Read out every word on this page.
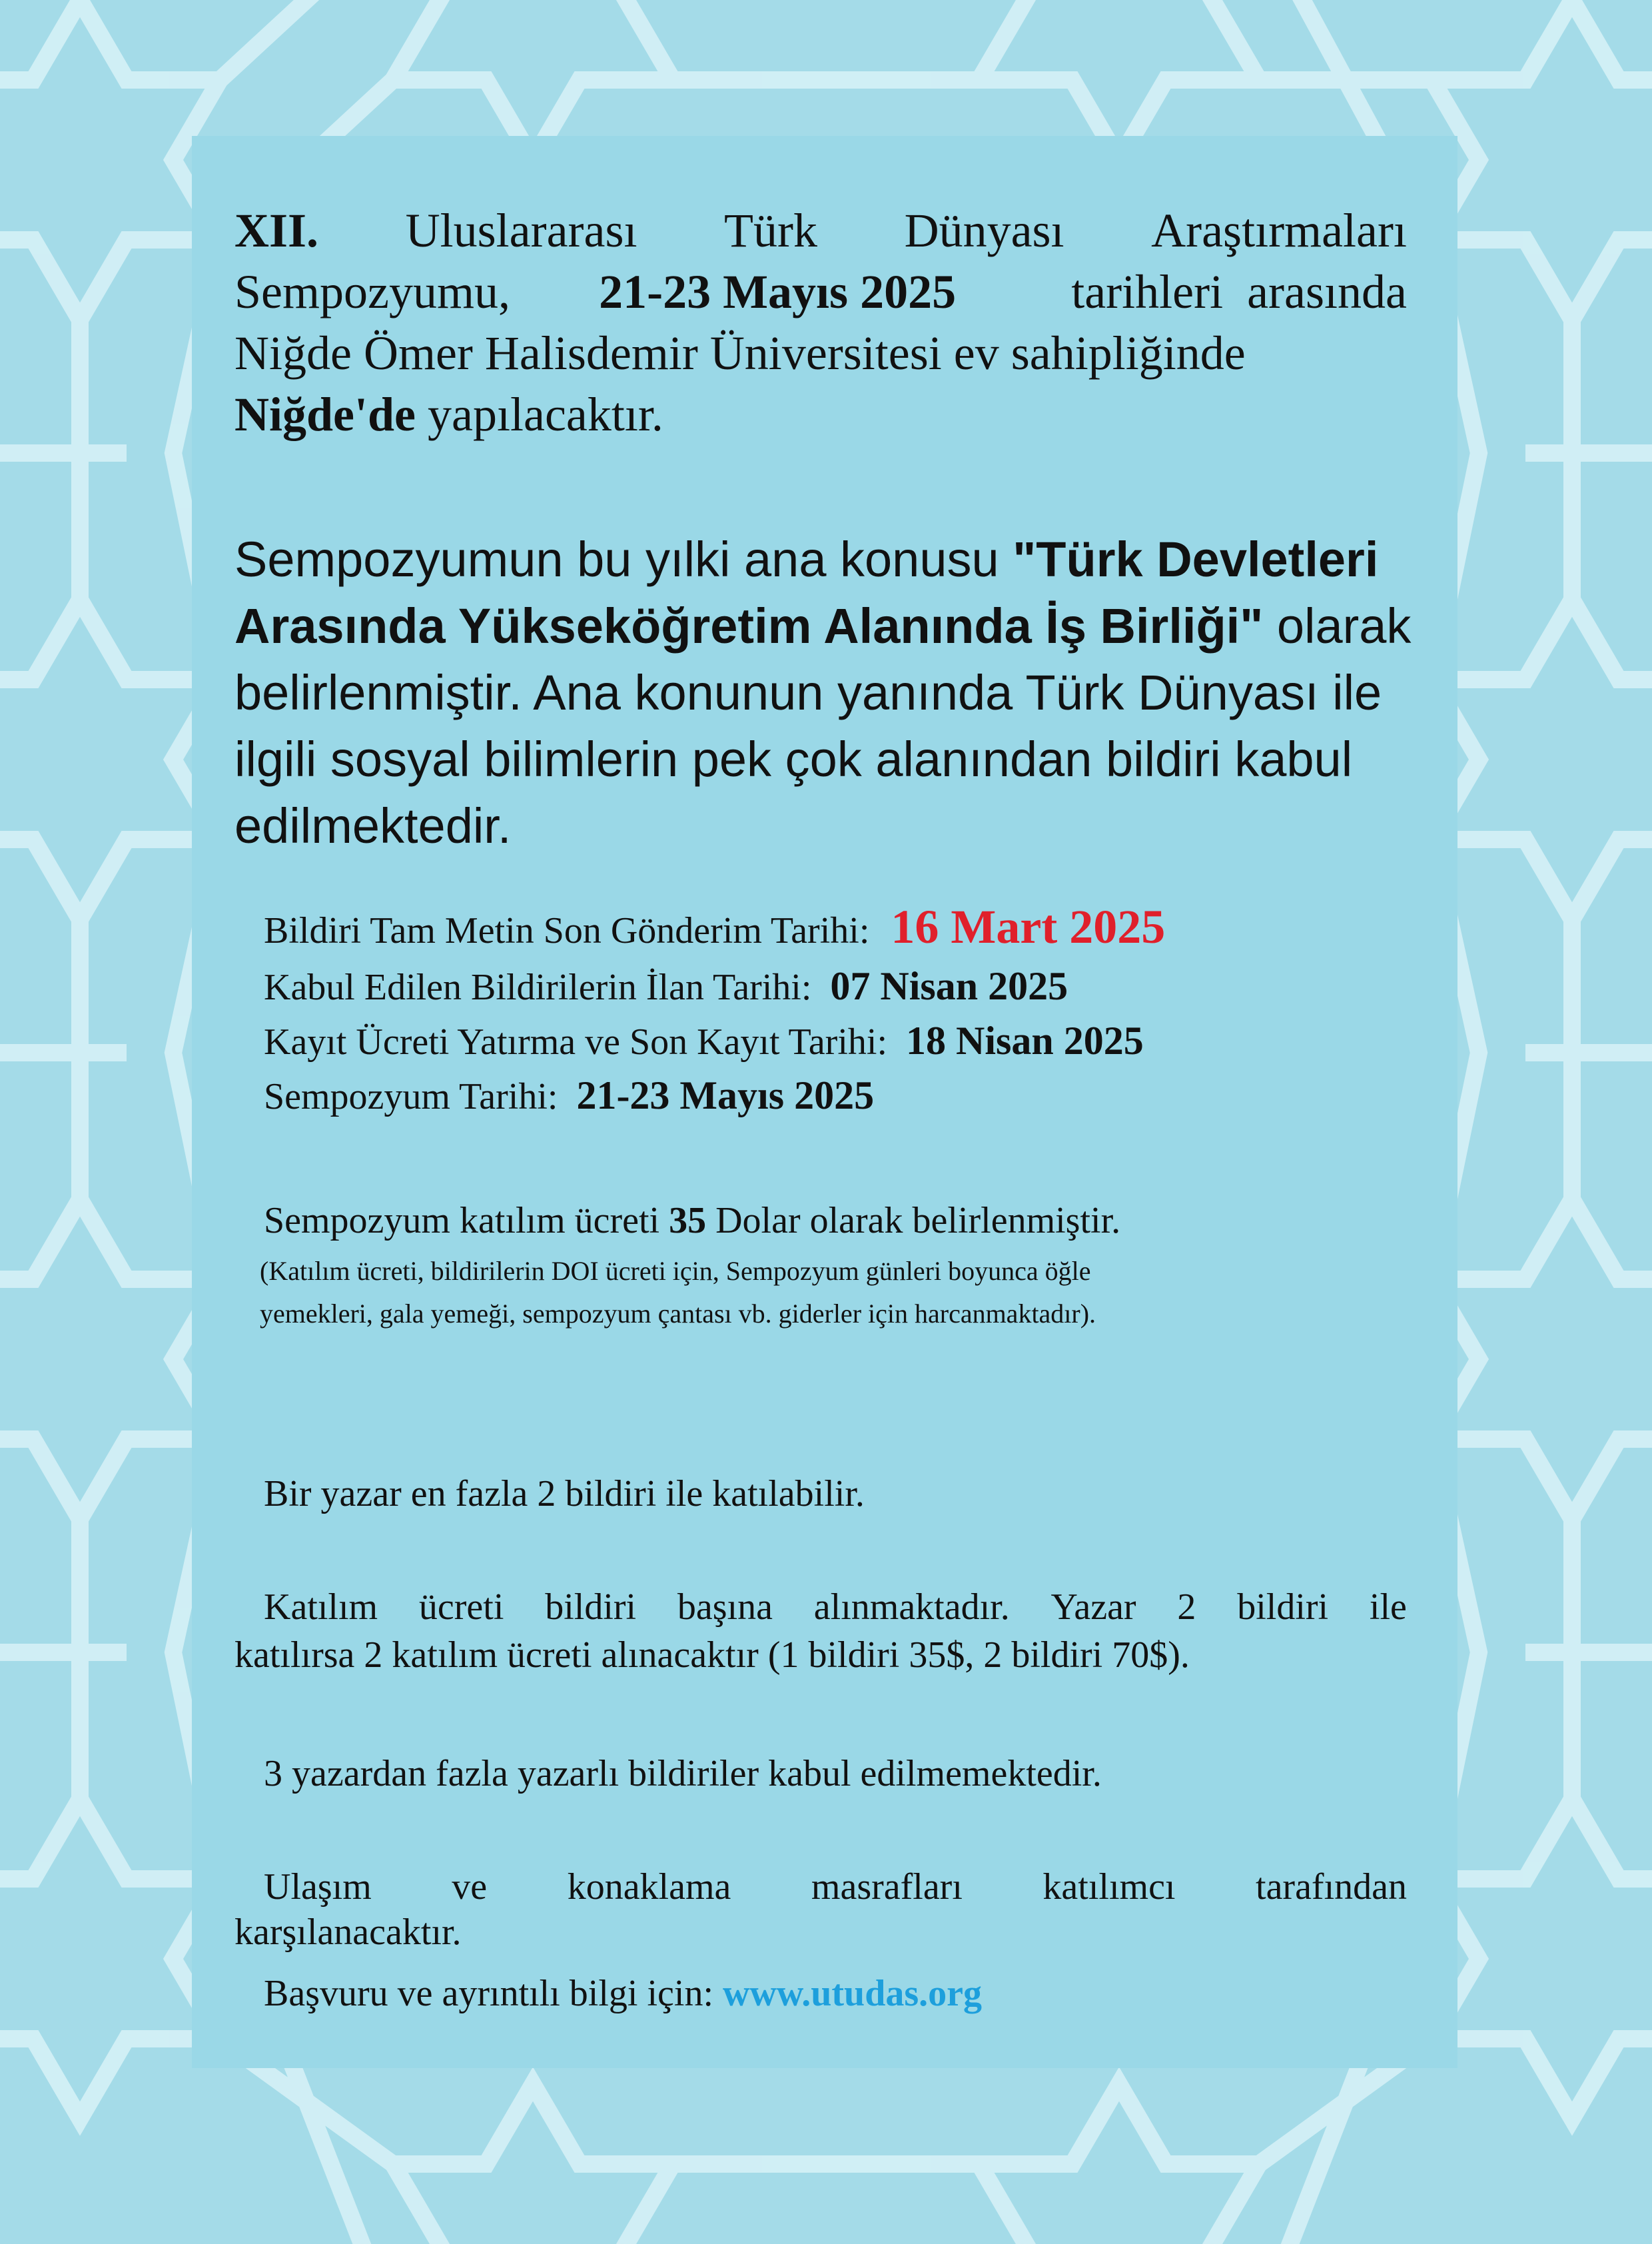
XII. Uluslararası Türk Dünyası Araştırmaları
Sempozyumu, 21-23 Mayıs 2025 tarihleri  arasında
Niğde Ömer Halisdemir Üniversitesi ev sahipliğinde
Niğde'de yapılacaktır.
Sempozyumun bu yılki ana konusu "Türk Devletleri
Arasında Yükseköğretim Alanında İş Birliği" olarak
belirlenmiştir. Ana konunun yanında Türk Dünyası ile
ilgili sosyal bilimlerin pek çok alanından bildiri kabul
edilmektedir.
Bildiri Tam Metin Son Gönderim Tarihi: 16 Mart 2025
Kabul Edilen Bildirilerin İlan Tarihi: 07 Nisan 2025
Kayıt Ücreti Yatırma ve Son Kayıt Tarihi: 18 Nisan 2025
Sempozyum Tarihi: 21-23 Mayıs 2025
Sempozyum katılım ücreti 35 Dolar olarak belirlenmiştir.
(Katılım ücreti, bildirilerin DOI ücreti için, Sempozyum günleri boyunca öğle
yemekleri, gala yemeği, sempozyum çantası vb. giderler için harcanmaktadır).
Bir yazar en fazla 2 bildiri ile katılabilir.
Katılım ücreti bildiri başına alınmaktadır. Yazar 2 bildiri ile
katılırsa 2 katılım ücreti alınacaktır (1 bildiri 35$, 2 bildiri 70$).
3 yazardan fazla yazarlı bildiriler kabul edilmemektedir.
Ulaşım ve konaklama masrafları katılımcı tarafından
karşılanacaktır.
Başvuru ve ayrıntılı bilgi için: www.utudas.org
